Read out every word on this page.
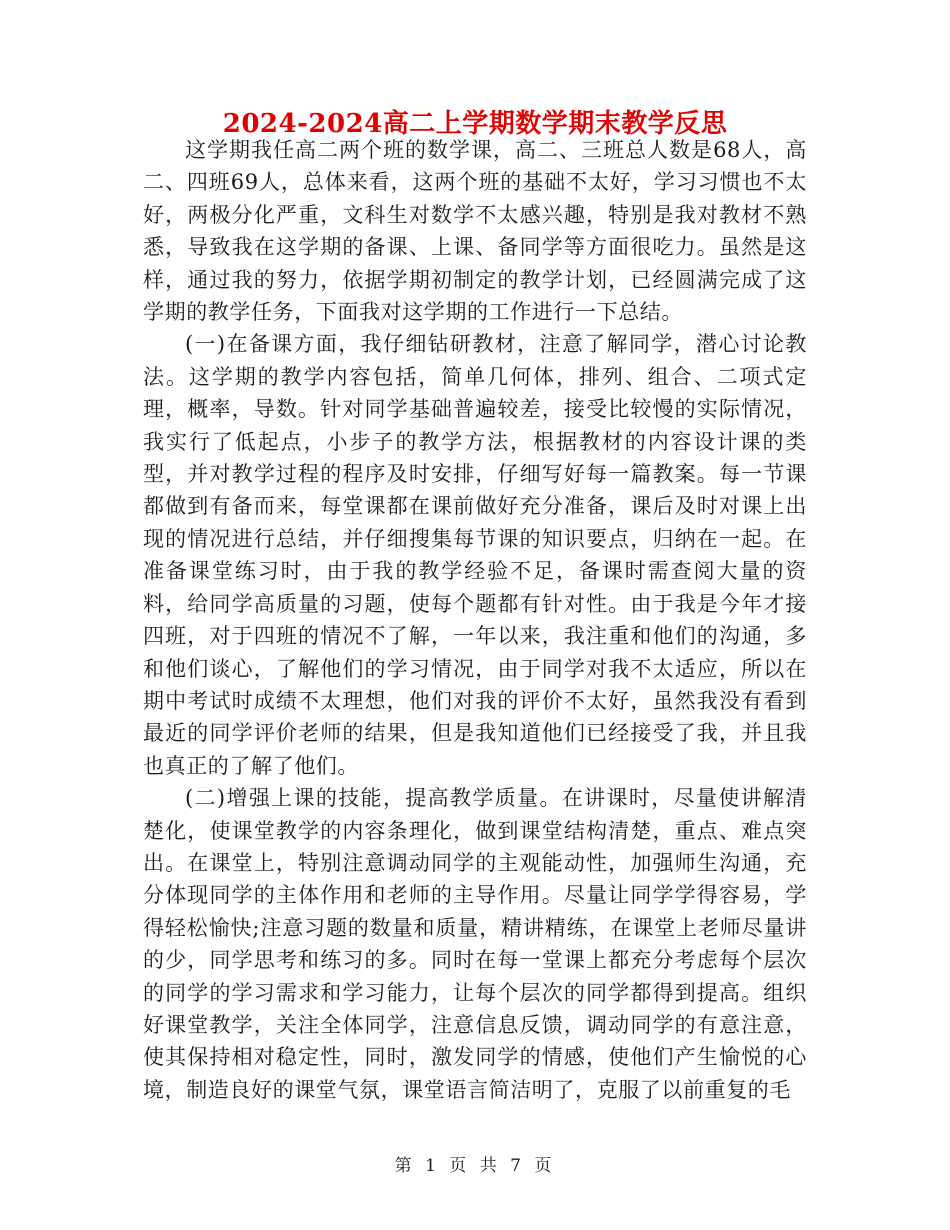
2024-2024高二上学期数学期末教学反思

这学期我任高二两个班的数学课，高二、三班总人数是68人，高二、四班69人，总体来看，这两个班的基础不太好，学习习惯也不太好，两极分化严重，文科生对数学不太感兴趣，特别是我对教材不熟悉，导致我在这学期的备课、上课、备同学等方面很吃力。虽然是这样，通过我的努力，依据学期初制定的教学计划，已经圆满完成了这学期的教学任务，下面我对这学期的工作进行一下总结。

(一)在备课方面，我仔细钻研教材，注意了解同学，潜心讨论教法。这学期的教学内容包括，简单几何体，排列、组合、二项式定理，概率，导数。针对同学基础普遍较差，接受比较慢的实际情况，我实行了低起点，小步子的教学方法，根据教材的内容设计课的类型，并对教学过程的程序及时安排，仔细写好每一篇教案。每一节课都做到有备而来，每堂课都在课前做好充分准备，课后及时对课上出现的情况进行总结，并仔细搜集每节课的知识要点，归纳在一起。在准备课堂练习时，由于我的教学经验不足，备课时需查阅大量的资料，给同学高质量的习题，使每个题都有针对性。由于我是今年才接四班，对于四班的情况不了解，一年以来，我注重和他们的沟通，多和他们谈心，了解他们的学习情况，由于同学对我不太适应，所以在期中考试时成绩不太理想，他们对我的评价不太好，虽然我没有看到最近的同学评价老师的结果，但是我知道他们已经接受了我，并且我也真正的了解了他们。

(二)增强上课的技能，提高教学质量。在讲课时，尽量使讲解清楚化，使课堂教学的内容条理化，做到课堂结构清楚，重点、难点突出。在课堂上，特别注意调动同学的主观能动性，加强师生沟通，充分体现同学的主体作用和老师的主导作用。尽量让同学学得容易，学得轻松愉快;注意习题的数量和质量，精讲精练，在课堂上老师尽量讲的少，同学思考和练习的多。同时在每一堂课上都充分考虑每个层次的同学的学习需求和学习能力，让每个层次的同学都得到提高。组织好课堂教学，关注全体同学，注意信息反馈，调动同学的有意注意，使其保持相对稳定性，同时，激发同学的情感，使他们产生愉悦的心境，制造良好的课堂气氛，课堂语言简洁明了，克服了以前重复的毛

第 1 页 共 7 页
